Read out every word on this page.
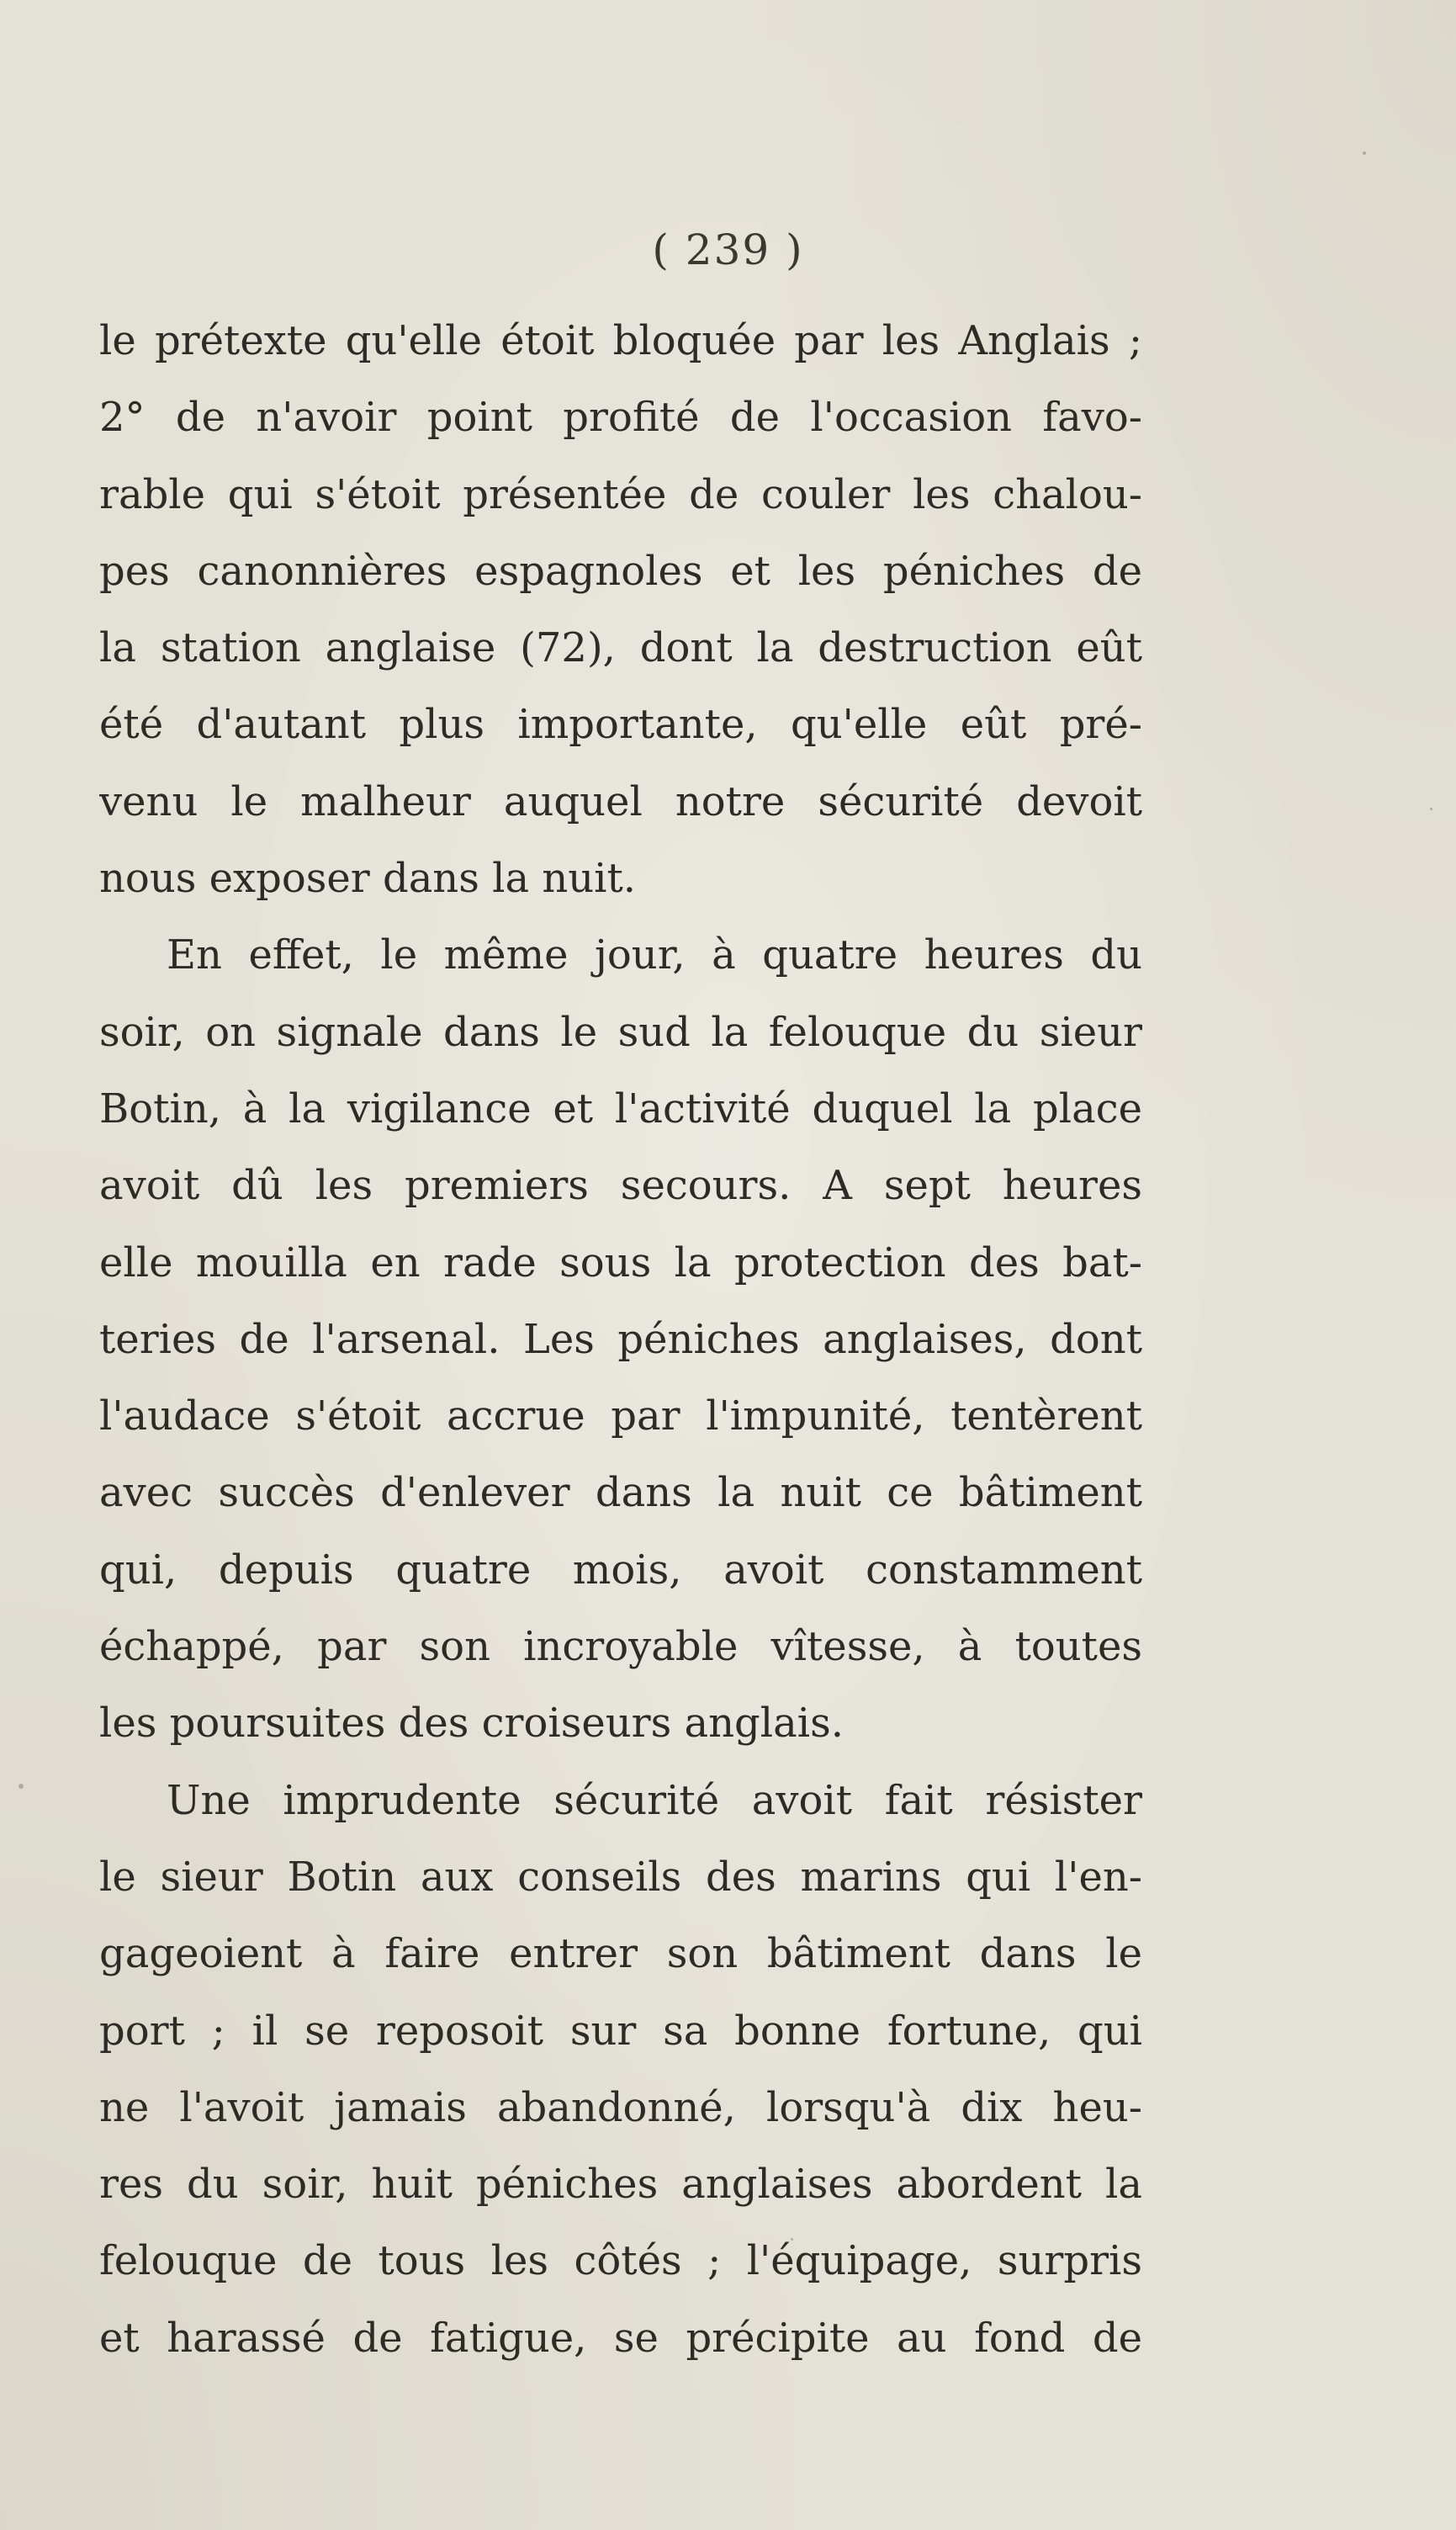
( 239 )
le prétexte qu'elle étoit bloquée par les Anglais ;
2° de n'avoir point profité de l'occasion favo-
rable qui s'étoit présentée de couler les chalou-
pes canonnières espagnoles et les péniches de
la station anglaise (72), dont la destruction eût
été d'autant plus importante, qu'elle eût pré-
venu le malheur auquel notre sécurité devoit
nous exposer dans la nuit.
En effet, le même jour, à quatre heures du
soir, on signale dans le sud la felouque du sieur
Botin, à la vigilance et l'activité duquel la place
avoit dû les premiers secours. A sept heures
elle mouilla en rade sous la protection des bat-
teries de l'arsenal. Les péniches anglaises, dont
l'audace s'étoit accrue par l'impunité, tentèrent
avec succès d'enlever dans la nuit ce bâtiment
qui, depuis quatre mois, avoit constamment
échappé, par son incroyable vîtesse, à toutes
les poursuites des croiseurs anglais.
Une imprudente sécurité avoit fait résister
le sieur Botin aux conseils des marins qui l'en-
gageoient à faire entrer son bâtiment dans le
port ; il se reposoit sur sa bonne fortune, qui
ne l'avoit jamais abandonné, lorsqu'à dix heu-
res du soir, huit péniches anglaises abordent la
felouque de tous les côtés ; l'équipage, surpris
et harassé de fatigue, se précipite au fond de
